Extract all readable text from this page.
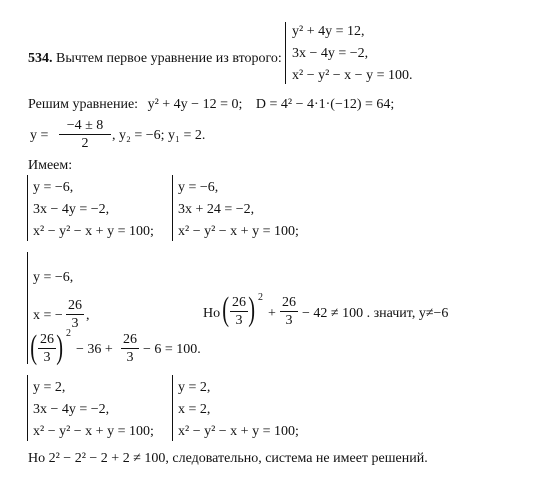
534. Вычтем первое уравнение из второго:
y² + 4y = 12,
3x − 4y = −2,
x² − y² − x − y = 100.
Решим уравнение: y² + 4y − 12 = 0; D = 4² − 4·1·(−12) = 64;
y =
−4 ± 8
2
, y₂ = −6; y₁ = 2.
Имеем:
y = −6,
3x − 4y = −2,
x² − y² − x + y = 100;
y = −6,
3x + 24 = −2,
x² − y² − x + y = 100;
y = −6,
x = −
26
3
,
( 26
3 ) 2
− 36 +
26
3
− 6 = 100.
Но ( 26
3 ) 2
+
26
3 − 42 ≠ 100 . значит, y≠−6
y = 2,
3x − 4y = −2,
x² − y² − x + y = 100;
y = 2,
x = 2,
x² − y² − x + y = 100;
Но 2² − 2² − 2 + 2 ≠ 100, следовательно, система не имеет решений.
